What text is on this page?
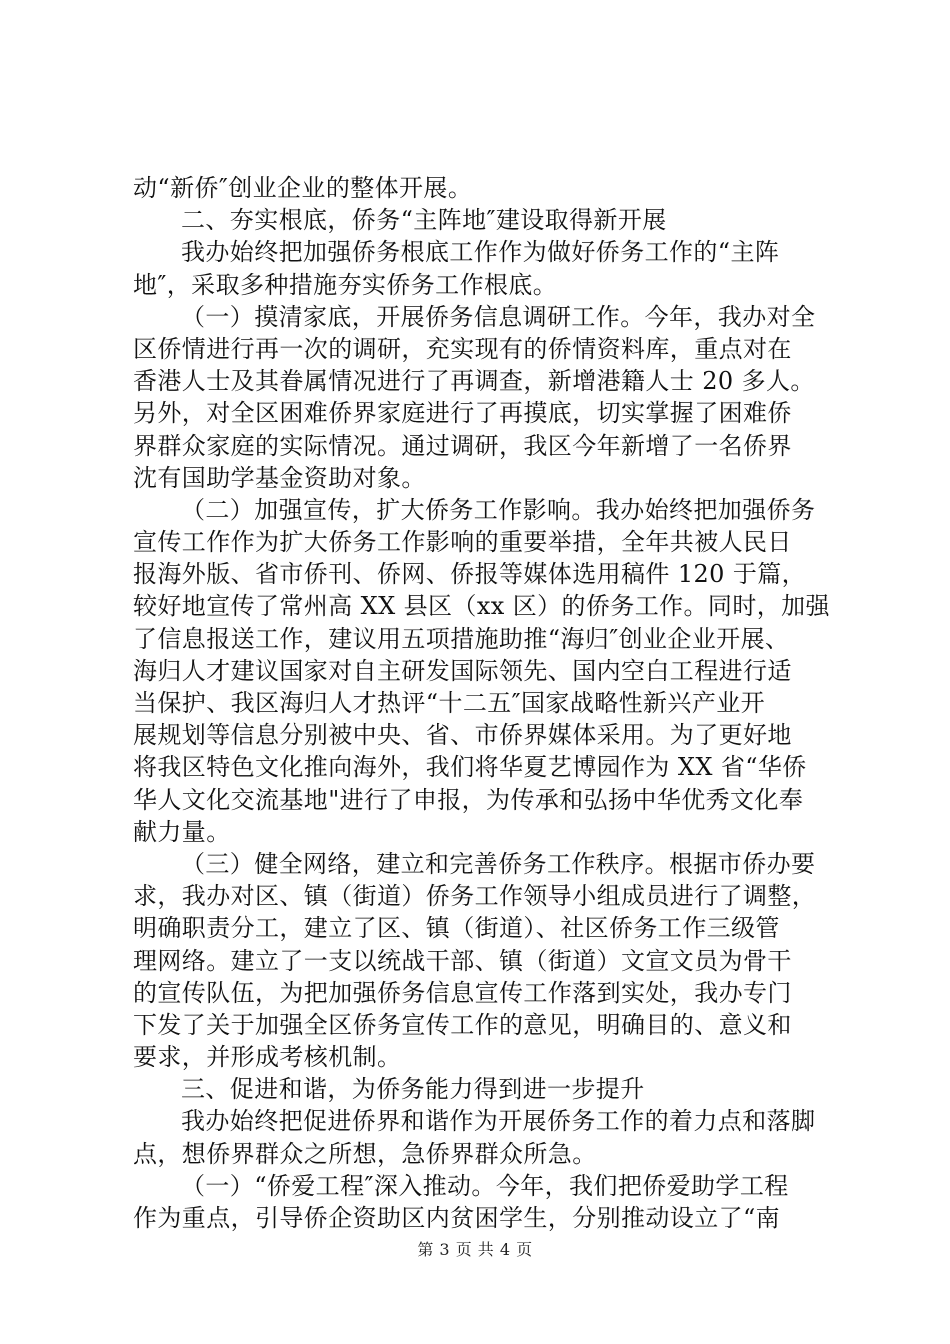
动“新侨″创业企业的整体开展。
二、夯实根底，侨务“主阵地″建设取得新开展
我办始终把加强侨务根底工作作为做好侨务工作的“主阵
地″，采取多种措施夯实侨务工作根底。
（一）摸清家底，开展侨务信息调研工作。今年，我办对全
区侨情进行再一次的调研，充实现有的侨情资料库，重点对在
香港人士及其眷属情况进行了再调查，新增港籍人士 20 多人。
另外，对全区困难侨界家庭进行了再摸底，切实掌握了困难侨
界群众家庭的实际情况。通过调研，我区今年新增了一名侨界
沈有国助学基金资助对象。
（二）加强宣传，扩大侨务工作影响。我办始终把加强侨务
宣传工作作为扩大侨务工作影响的重要举措，全年共被人民日
报海外版、省市侨刊、侨网、侨报等媒体选用稿件 120 于篇，
较好地宣传了常州高 XX 县区（xx 区）的侨务工作。同时，加强
了信息报送工作，建议用五项措施助推“海归″创业企业开展、
海归人才建议国家对自主研发国际领先、国内空白工程进行适
当保护、我区海归人才热评“十二五″国家战略性新兴产业开
展规划等信息分别被中央、省、市侨界媒体采用。为了更好地
将我区特色文化推向海外，我们将华夏艺博园作为 XX 省“华侨
华人文化交流基地"进行了申报，为传承和弘扬中华优秀文化奉
献力量。
（三）健全网络，建立和完善侨务工作秩序。根据市侨办要
求，我办对区、镇（街道）侨务工作领导小组成员进行了调整，
明确职责分工，建立了区、镇（街道）、社区侨务工作三级管
理网络。建立了一支以统战干部、镇（街道）文宣文员为骨干
的宣传队伍，为把加强侨务信息宣传工作落到实处，我办专门
下发了关于加强全区侨务宣传工作的意见，明确目的、意义和
要求，并形成考核机制。
三、促进和谐，为侨务能力得到进一步提升
我办始终把促进侨界和谐作为开展侨务工作的着力点和落脚
点，想侨界群众之所想，急侨界群众所急。
（一）“侨爱工程″深入推动。今年，我们把侨爱助学工程
作为重点，引导侨企资助区内贫困学生，分别推动设立了“南
第 3 页 共 4 页
